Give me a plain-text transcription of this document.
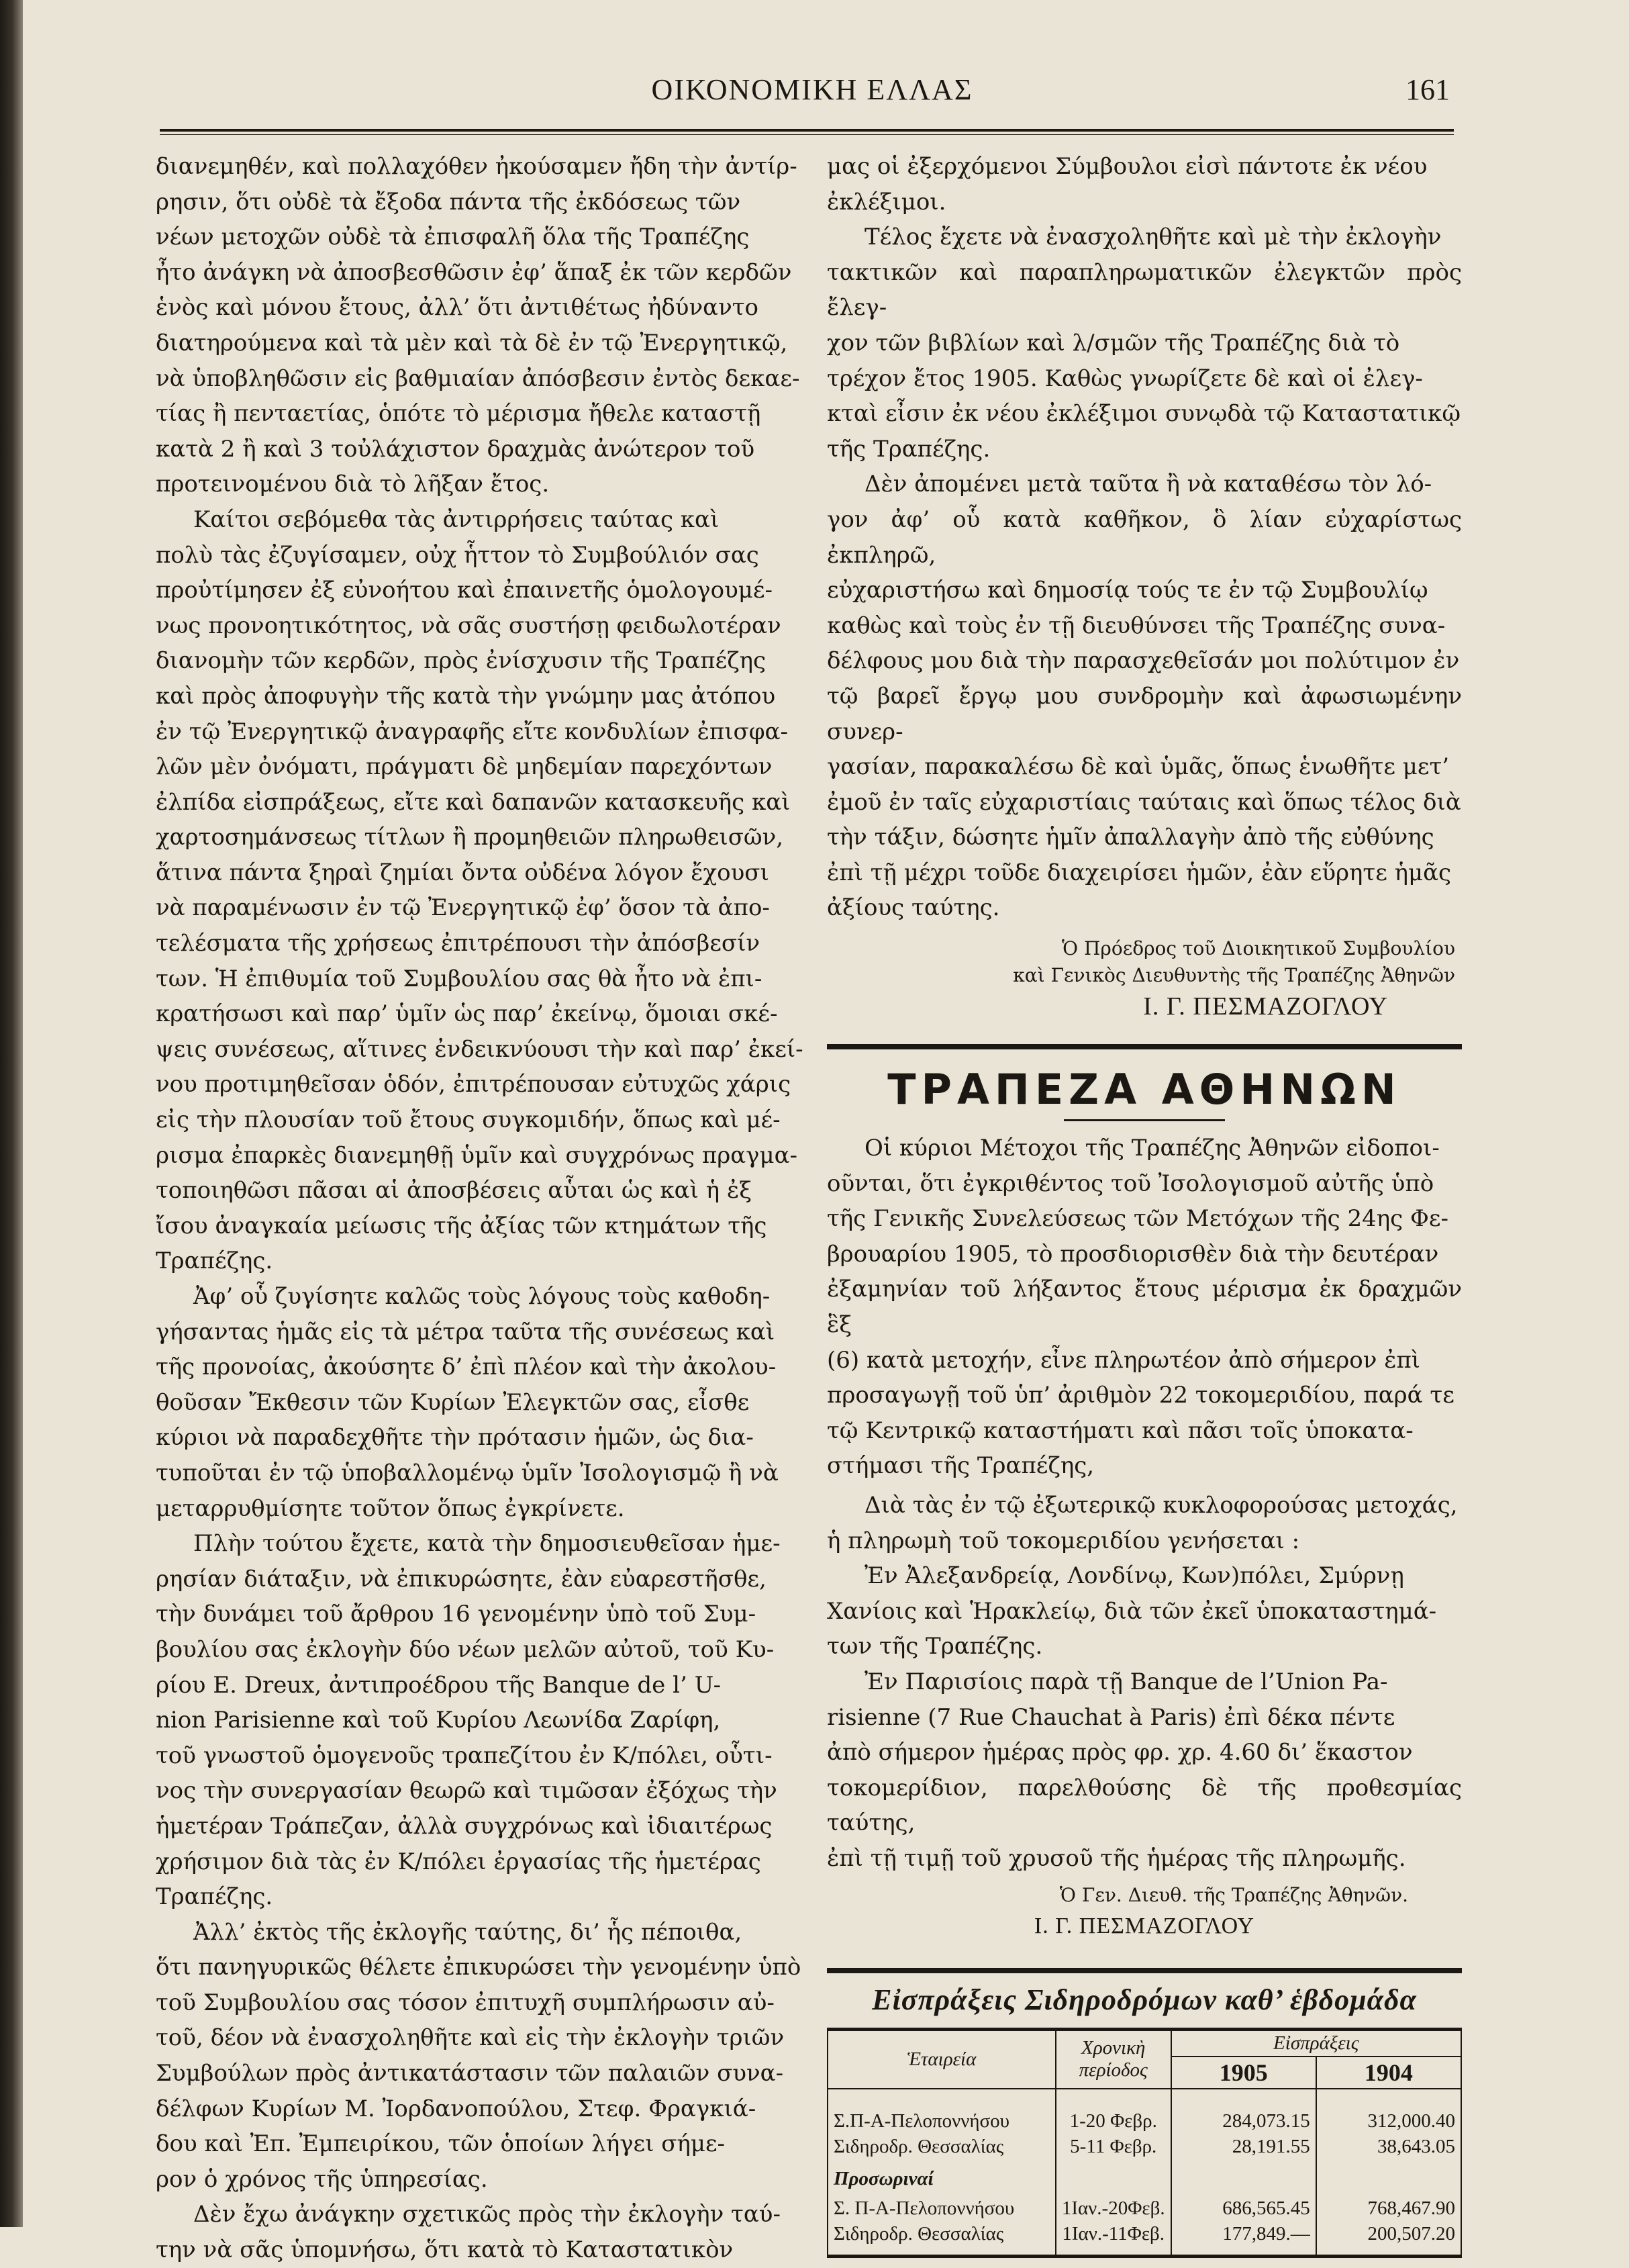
ΟΙΚΟΝΟΜΙΚΗ ΕΛΛΑΣ	161

διανεμηθέν, καὶ πολλαχόθεν ἠκούσαμεν ἤδη τὴν ἀντίρ-
ρησιν, ὅτι οὐδὲ τὰ ἔξοδα πάντα τῆς ἐκδόσεως τῶν
νέων μετοχῶν οὐδὲ τὰ ἐπισφαλῆ ὅλα τῆς Τραπέζης
ἦτο ἀνάγκη νὰ ἀποσβεσθῶσιν ἐφ’ ἅπαξ ἐκ τῶν κερδῶν
ἑνὸς καὶ μόνου ἔτους, ἀλλ’ ὅτι ἀντιθέτως ἠδύναντο
διατηρούμενα καὶ τὰ μὲν καὶ τὰ δὲ ἐν τῷ Ἐνεργητικῷ,
νὰ ὑποβληθῶσιν εἰς βαθμιαίαν ἀπόσβεσιν ἐντὸς δεκαε-
τίας ἢ πενταετίας, ὁπότε τὸ μέρισμα ἤθελε καταστῇ
κατὰ 2 ἢ καὶ 3 τοὐλάχιστον δραχμὰς ἀνώτερον τοῦ
προτεινομένου διὰ τὸ λῆξαν ἔτος.

Καίτοι σεβόμεθα τὰς ἀντιρρήσεις ταύτας καὶ
πολὺ τὰς ἐζυγίσαμεν, οὐχ ἧττον τὸ Συμβούλιόν σας
προὐτίμησεν ἐξ εὐνοήτου καὶ ἐπαινετῆς ὁμολογουμέ-
νως προνοητικότητος, νὰ σᾶς συστήσῃ φειδωλοτέραν
διανομὴν τῶν κερδῶν, πρὸς ἐνίσχυσιν τῆς Τραπέζης
καὶ πρὸς ἀποφυγὴν τῆς κατὰ τὴν γνώμην μας ἀτόπου
ἐν τῷ Ἐνεργητικῷ ἀναγραφῆς εἴτε κονδυλίων ἐπισφα-
λῶν μὲν ὀνόματι, πράγματι δὲ μηδεμίαν παρεχόντων
ἐλπίδα εἰσπράξεως, εἴτε καὶ δαπανῶν κατασκευῆς καὶ
χαρτοσημάνσεως τίτλων ἢ προμηθειῶν πληρωθεισῶν,
ἅτινα πάντα ξηραὶ ζημίαι ὄντα οὐδένα λόγον ἔχουσι
νὰ παραμένωσιν ἐν τῷ Ἐνεργητικῷ ἐφ’ ὅσον τὰ ἀπο-
τελέσματα τῆς χρήσεως ἐπιτρέπουσι τὴν ἀπόσβεσίν
των. Ἡ ἐπιθυμία τοῦ Συμβουλίου σας θὰ ἦτο νὰ ἐπι-
κρατήσωσι καὶ παρ’ ὑμῖν ὡς παρ’ ἐκείνῳ, ὅμοιαι σκέ-
ψεις συνέσεως, αἵτινες ἐνδεικνύουσι τὴν καὶ παρ’ ἐκεί-
νου προτιμηθεῖσαν ὁδόν, ἐπιτρέπουσαν εὐτυχῶς χάρις
εἰς τὴν πλουσίαν τοῦ ἔτους συγκομιδήν, ὅπως καὶ μέ-
ρισμα ἐπαρκὲς διανεμηθῇ ὑμῖν καὶ συγχρόνως πραγμα-
τοποιηθῶσι πᾶσαι αἱ ἀποσβέσεις αὗται ὡς καὶ ἡ ἐξ
ἴσου ἀναγκαία μείωσις τῆς ἀξίας τῶν κτημάτων τῆς
Τραπέζης.

Ἀφ’ οὗ ζυγίσητε καλῶς τοὺς λόγους τοὺς καθοδη-
γήσαντας ἡμᾶς εἰς τὰ μέτρα ταῦτα τῆς συνέσεως καὶ
τῆς προνοίας, ἀκούσητε δ’ ἐπὶ πλέον καὶ τὴν ἀκολου-
θοῦσαν Ἔκθεσιν τῶν Κυρίων Ἐλεγκτῶν σας, εἶσθε
κύριοι νὰ παραδεχθῆτε τὴν πρότασιν ἡμῶν, ὡς δια-
τυποῦται ἐν τῷ ὑποβαλλομένῳ ὑμῖν Ἰσολογισμῷ ἢ νὰ
μεταρρυθμίσητε τοῦτον ὅπως ἐγκρίνετε.

Πλὴν τούτου ἔχετε, κατὰ τὴν δημοσιευθεῖσαν ἡμε-
ρησίαν διάταξιν, νὰ ἐπικυρώσητε, ἐὰν εὐαρεστῆσθε,
τὴν δυνάμει τοῦ ἄρθρου 16 γενομένην ὑπὸ τοῦ Συμ-
βουλίου σας ἐκλογὴν δύο νέων μελῶν αὐτοῦ, τοῦ Κυ-
ρίου E. Dreux, ἀντιπροέδρου τῆς Banque de l’ U-
nion Parisienne καὶ τοῦ Κυρίου Λεωνίδα Ζαρίφη,
τοῦ γνωστοῦ ὁμογενοῦς τραπεζίτου ἐν Κ/πόλει, οὗτι-
νος τὴν συνεργασίαν θεωρῶ καὶ τιμῶσαν ἐξόχως τὴν
ἡμετέραν Τράπεζαν, ἀλλὰ συγχρόνως καὶ ἰδιαιτέρως
χρήσιμον διὰ τὰς ἐν Κ/πόλει ἐργασίας τῆς ἡμετέρας
Τραπέζης.

Ἀλλ’ ἐκτὸς τῆς ἐκλογῆς ταύτης, δι’ ἧς πέποιθα,
ὅτι πανηγυρικῶς θέλετε ἐπικυρώσει τὴν γενομένην ὑπὸ
τοῦ Συμβουλίου σας τόσον ἐπιτυχῆ συμπλήρωσιν αὐ-
τοῦ, δέον νὰ ἐνασχοληθῆτε καὶ εἰς τὴν ἐκλογὴν τριῶν
Συμβούλων πρὸς ἀντικατάστασιν τῶν παλαιῶν συνα-
δέλφων Κυρίων Μ. Ἰορδανοπούλου, Στεφ. Φραγκιά-
δου καὶ Ἐπ. Ἐμπειρίκου, τῶν ὁποίων λήγει σήμε-
ρον ὁ χρόνος τῆς ὑπηρεσίας.

Δὲν ἔχω ἀνάγκην σχετικῶς πρὸς τὴν ἐκλογὴν ταύ-
την νὰ σᾶς ὑπομνήσω, ὅτι κατὰ τὸ Καταστατικὸν

μας οἱ ἐξερχόμενοι Σύμβουλοι εἰσὶ πάντοτε ἐκ νέου
ἐκλέξιμοι.

Τέλος ἔχετε νὰ ἐνασχοληθῆτε καὶ μὲ τὴν ἐκλογὴν
τακτικῶν καὶ παραπληρωματικῶν ἐλεγκτῶν πρὸς ἔλεγ-
χον τῶν βιβλίων καὶ λ/σμῶν τῆς Τραπέζης διὰ τὸ
τρέχον ἔτος 1905. Καθὼς γνωρίζετε δὲ καὶ οἱ ἐλεγ-
κταὶ εἶσιν ἐκ νέου ἐκλέξιμοι συνῳδὰ τῷ Καταστατικῷ
τῆς Τραπέζης.

Δὲν ἀπομένει μετὰ ταῦτα ἢ νὰ καταθέσω τὸν λό-
γον ἀφ’ οὗ κατὰ καθῆκον, ὃ λίαν εὐχαρίστως ἐκπληρῶ,
εὐχαριστήσω καὶ δημοσίᾳ τούς τε ἐν τῷ Συμβουλίῳ
καθὼς καὶ τοὺς ἐν τῇ διευθύνσει τῆς Τραπέζης συνα-
δέλφους μου διὰ τὴν παρασχεθεῖσάν μοι πολύτιμον ἐν
τῷ βαρεῖ ἔργῳ μου συνδρομὴν καὶ ἀφωσιωμένην συνερ-
γασίαν, παρακαλέσω δὲ καὶ ὑμᾶς, ὅπως ἑνωθῆτε μετ’
ἐμοῦ ἐν ταῖς εὐχαριστίαις ταύταις καὶ ὅπως τέλος διὰ
τὴν τάξιν, δώσητε ἡμῖν ἀπαλλαγὴν ἀπὸ τῆς εὐθύνης
ἐπὶ τῇ μέχρι τοῦδε διαχειρίσει ἡμῶν, ἐὰν εὕρητε ἡμᾶς
ἀξίους ταύτης.

Ὁ Πρόεδρος τοῦ Διοικητικοῦ Συμβουλίου

καὶ Γενικὸς Διευθυντὴς τῆς Τραπέζης Ἀθηνῶν

Ι. Γ. ΠΕΣΜΑΖΟΓΛΟΥ

ΤΡΑΠΕΖΑ ΑΘΗΝΩΝ

Οἱ κύριοι Μέτοχοι τῆς Τραπέζης Ἀθηνῶν εἰδοποι-
οῦνται, ὅτι ἐγκριθέντος τοῦ Ἰσολογισμοῦ αὐτῆς ὑπὸ
τῆς Γενικῆς Συνελεύσεως τῶν Μετόχων τῆς 24ης Φε-
βρουαρίου 1905, τὸ προσδιορισθὲν διὰ τὴν δευτέραν
ἐξαμηνίαν τοῦ λήξαντος ἔτους μέρισμα ἐκ δραχμῶν ἓξ
(6) κατὰ μετοχήν, εἶνε πληρωτέον ἀπὸ σήμερον ἐπὶ
προσαγωγῇ τοῦ ὑπ’ ἀριθμὸν 22 τοκομεριδίου, παρά τε
τῷ Κεντρικῷ καταστήματι καὶ πᾶσι τοῖς ὑποκατα-
στήμασι τῆς Τραπέζης,

Διὰ τὰς ἐν τῷ ἐξωτερικῷ κυκλοφορούσας μετοχάς,
ἡ πληρωμὴ τοῦ τοκομεριδίου γενήσεται :

Ἐν Ἀλεξανδρείᾳ, Λονδίνῳ, Κων)πόλει, Σμύρνῃ
Χανίοις καὶ Ἡρακλείῳ, διὰ τῶν ἐκεῖ ὑποκαταστημά-
των τῆς Τραπέζης.

Ἐν Παρισίοις παρὰ τῇ Banque de l’Union Pa-
risienne (7 Rue Chauchat à Paris) ἐπὶ δέκα πέντε
ἀπὸ σήμερον ἡμέρας πρὸς φρ. χρ. 4.60 δι’ ἕκαστον
τοκομερίδιον, παρελθούσης δὲ τῆς προθεσμίας ταύτης,
ἐπὶ τῇ τιμῇ τοῦ χρυσοῦ τῆς ἡμέρας τῆς πληρωμῆς.

Ὁ Γεν. Διευθ. τῆς Τραπέζης Ἀθηνῶν.

Ι. Γ. ΠΕΣΜΑΖΟΓΛΟΥ

Εἰσπράξεις Σιδηροδρόμων καθ’ ἑβδομάδα
Ἑταιρεία	Χρονικὴ περίοδος	Εἰσπράξεις	
		1905	1904
Σ.Π-Α-Πελοποννήσου	1-20 Φεβρ.	284,073.15	312,000.40
Σιδηροδρ. Θεσσαλίας	5-11 Φεβρ.	28,191.55	38,643.05
Προσωριναί			
Σ. Π-Α-Πελοποννήσου	1Ιαν.-20Φεβ.	686,565.45	768,467.90
Σιδηροδρ. Θεσσαλίας	1Ιαν.-11Φεβ.	177,849.—	200,507.20
